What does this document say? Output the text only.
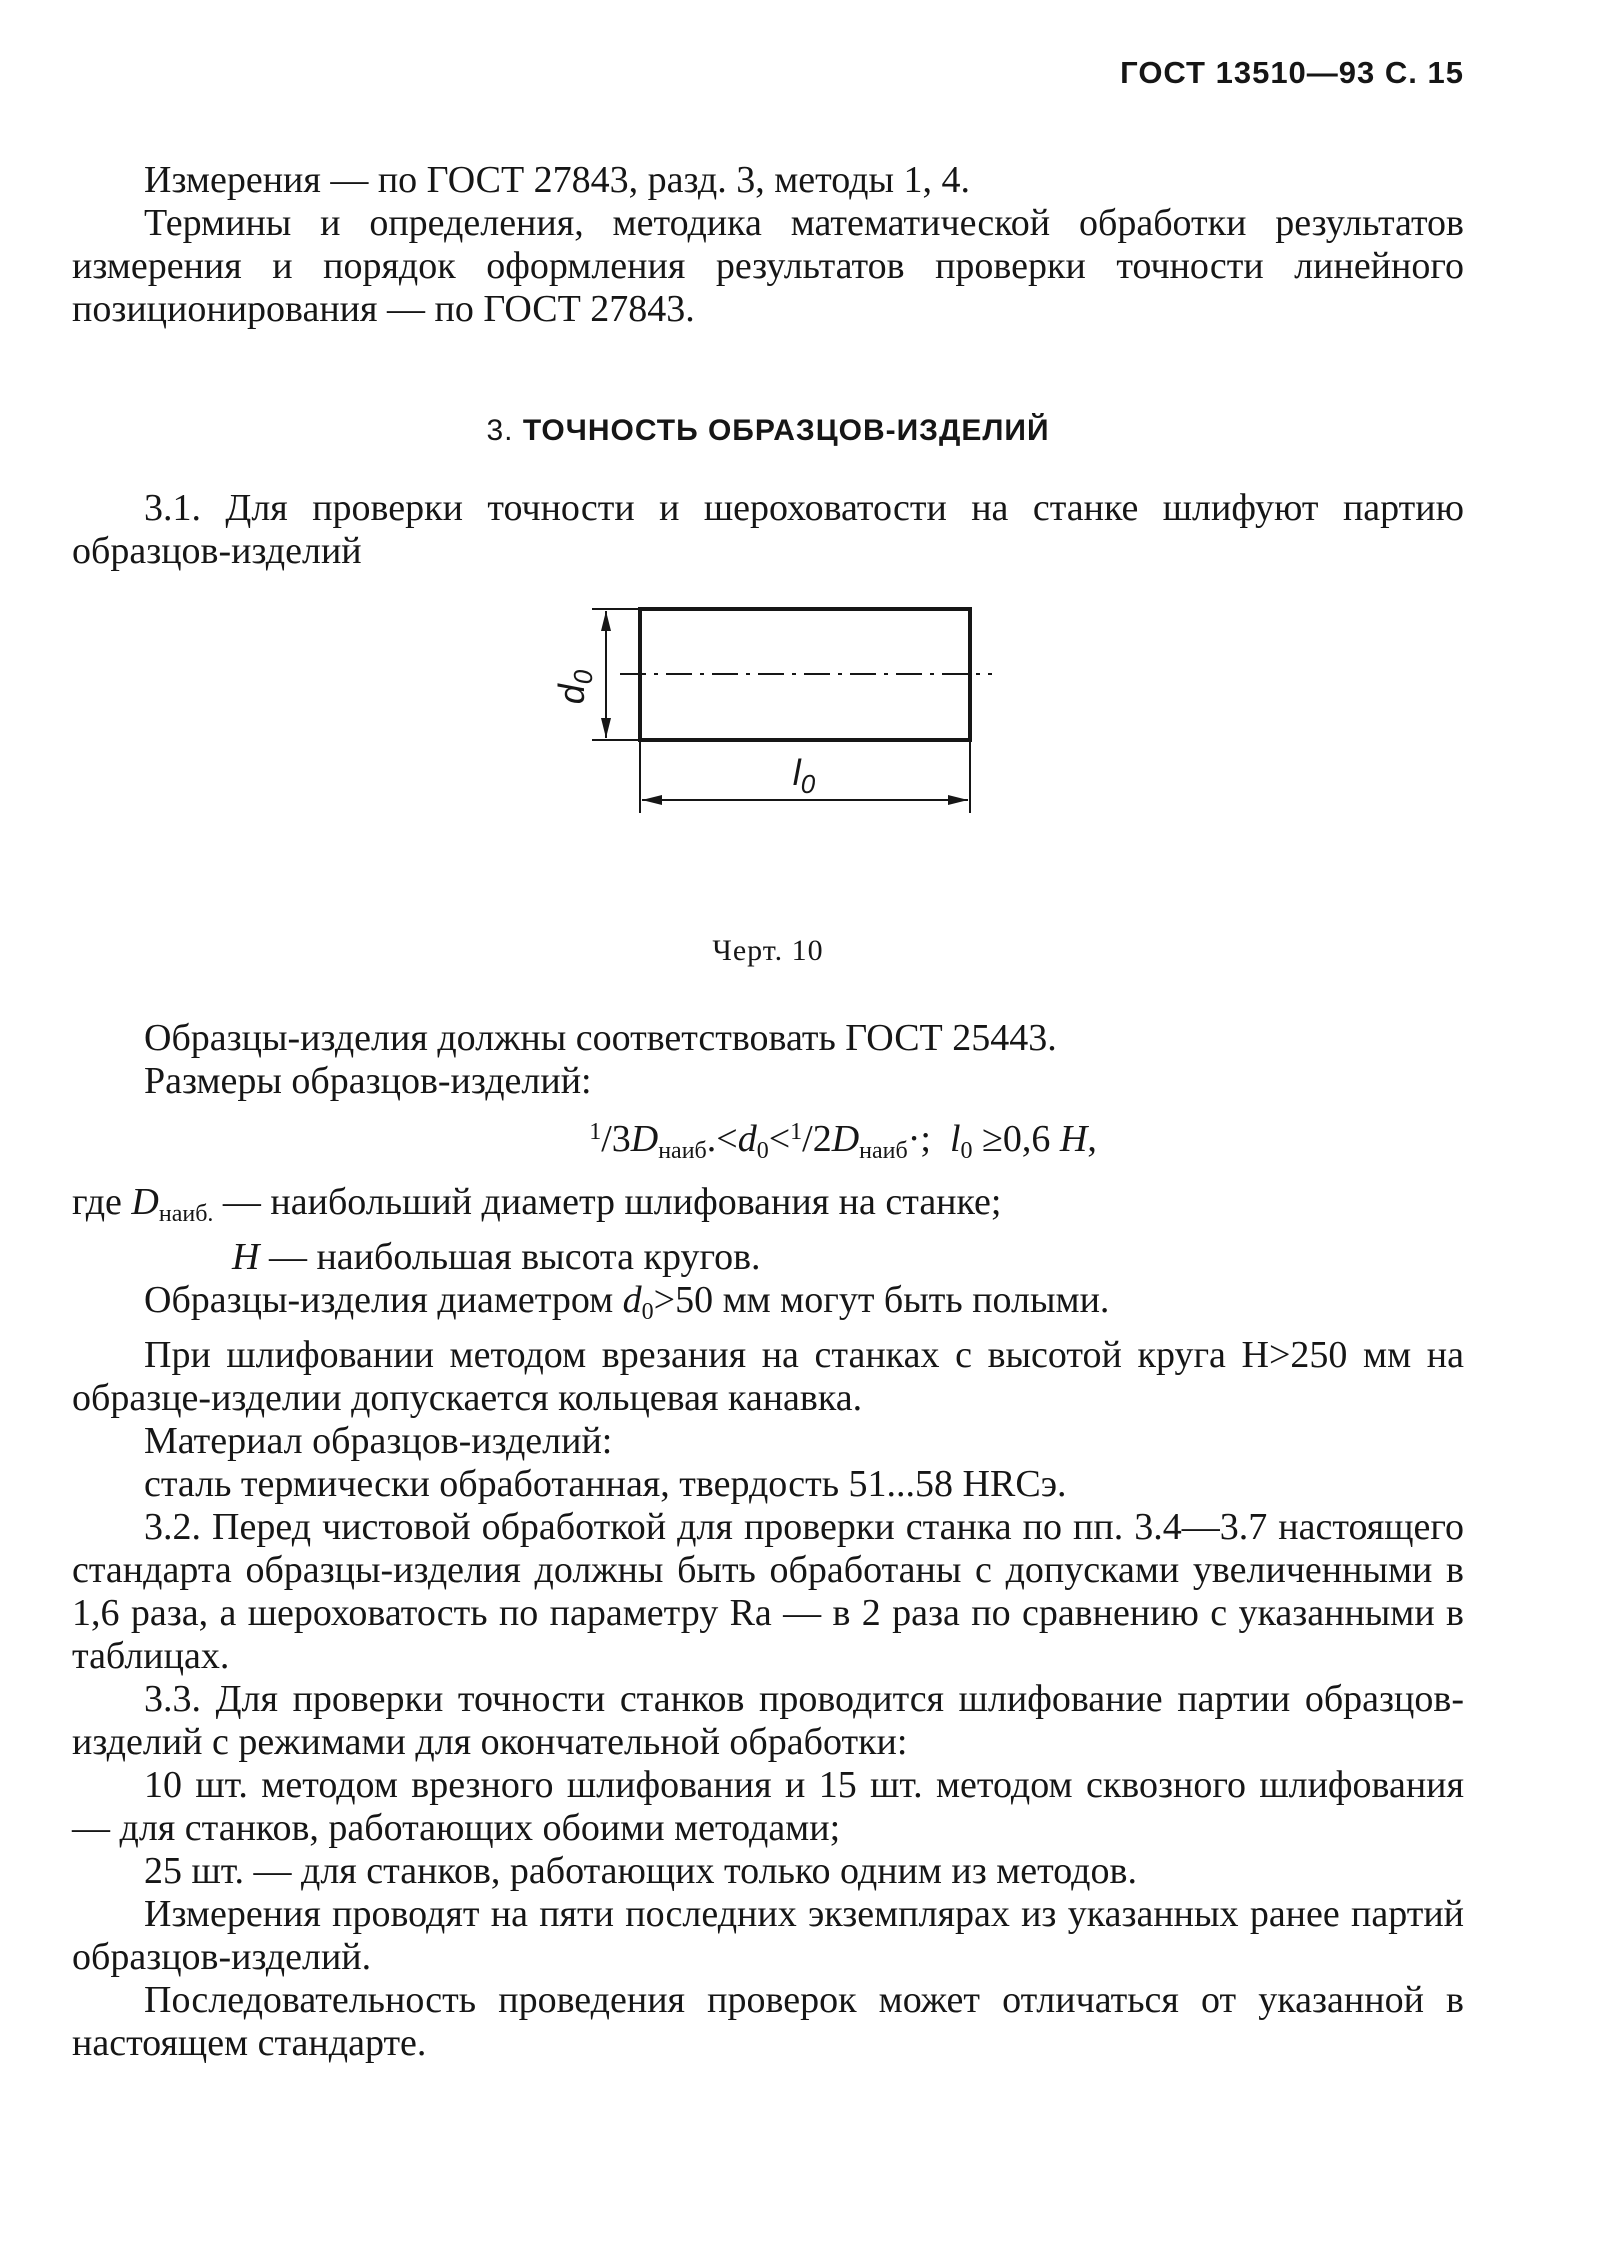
ГОСТ 13510—93 С. 15

Измерения — по ГОСТ 27843, разд. 3, методы 1, 4.

Термины и определения, методика математической обработки результатов измерения и порядок оформления результатов проверки точности линейного позиционирования — по ГОСТ 27843.

3. ТОЧНОСТЬ ОБРАЗЦОВ-ИЗДЕЛИЙ

3.1. Для проверки точности и шероховатости на станке шлифуют партию образцов-изделий

$d_0$
$l_0$
Черт. 10

Образцы-изделия должны соответствовать ГОСТ 25443.

Размеры образцов-изделий:

$^1/3D_{наиб}.<d_0<^1/2D_{наиб}\cdot$; $l_0 \ge 0,6$ H,

где $D_{наиб.}$ — наибольший диаметр шлифования на станке;

H — наибольшая высота кругов.

Образцы-изделия диаметром $d_0>50$ мм могут быть полыми.

При шлифовании методом врезания на станках с высотой круга H>250 мм на образце-изделии допускается кольцевая канавка.

Материал образцов-изделий:

сталь термически обработанная, твердость 51...58 HRCэ.

3.2. Перед чистовой обработкой для проверки станка по пп. 3.4—3.7 настоящего стандарта образцы-изделия должны быть обработаны с допусками увеличенными в 1,6 раза, а шероховатость по параметру Ra — в 2 раза по сравнению с указанными в таблицах.

3.3. Для проверки точности станков проводится шлифование партии образцов-изделий с режимами для окончательной обработки:

10 шт. методом врезного шлифования и 15 шт. методом сквозного шлифования — для станков, работающих обоими методами;

25 шт. — для станков, работающих только одним из методов.

Измерения проводят на пяти последних экземплярах из указанных ранее партий образцов-изделий.

Последовательность проведения проверок может отличаться от указанной в настоящем стандарте.
